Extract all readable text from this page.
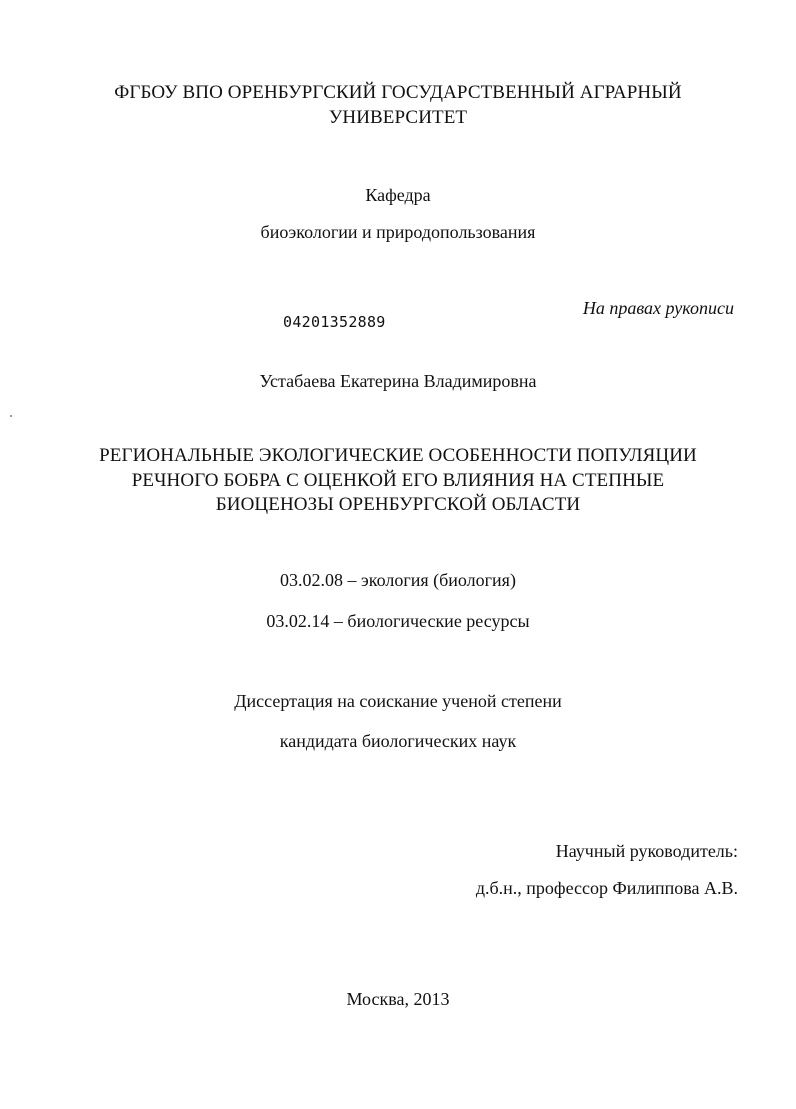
ФГБОУ ВПО ОРЕНБУРГСКИЙ ГОСУДАРСТВЕННЫЙ АГРАРНЫЙ
УНИВЕРСИТЕТ
Кафедра
биоэкологии и природопользования
На правах рукописи
04201352889
Устабаева Екатерина Владимировна
РЕГИОНАЛЬНЫЕ ЭКОЛОГИЧЕСКИЕ ОСОБЕННОСТИ ПОПУЛЯЦИИ
РЕЧНОГО БОБРА С ОЦЕНКОЙ ЕГО ВЛИЯНИЯ НА СТЕПНЫЕ
БИОЦЕНОЗЫ ОРЕНБУРГСКОЙ ОБЛАСТИ
03.02.08 – экология (биология)
03.02.14 – биологические ресурсы
Диссертация на соискание ученой степени
кандидата биологических наук
Научный руководитель:
д.б.н., профессор Филиппова А.В.
Москва, 2013
